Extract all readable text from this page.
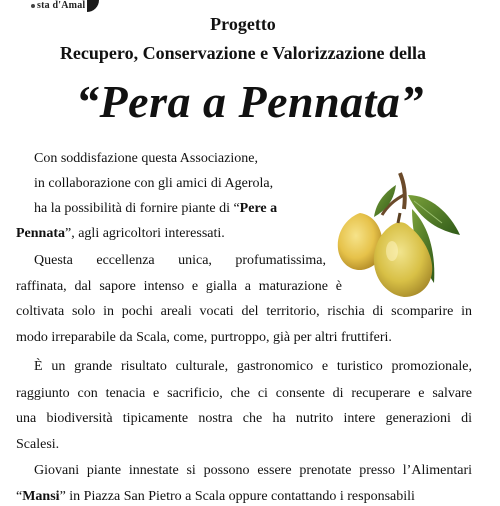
sta d'Amal
Progetto
Recupero, Conservazione e Valorizzazione della
“Pera a Pennata”
Con soddisfazione questa Associazione,
in collaborazione con gli amici di Agerola,
ha la possibilità di fornire piante di “Pere a
Pennata”, agli agricoltori interessati.
Questa eccellenza unica, profumatissima,
raffinata, dal sapore intenso e gialla a maturazione è
coltivata solo in pochi areali vocati del territorio, rischia di scomparire in
modo irreparabile da Scala, come, purtroppo, già per altri fruttiferi.
È un grande risultato culturale, gastronomico e turistico promozionale,
raggiunto con tenacia e sacrificio, che ci consente di recuperare e salvare
una biodiversità tipicamente nostra che ha nutrito intere generazioni di
Scalesi.
Giovani piante innestate si possono essere prenotate presso l’Alimentari
“Mansi” in Piazza San Pietro a Scala oppure contattando i responsabili
